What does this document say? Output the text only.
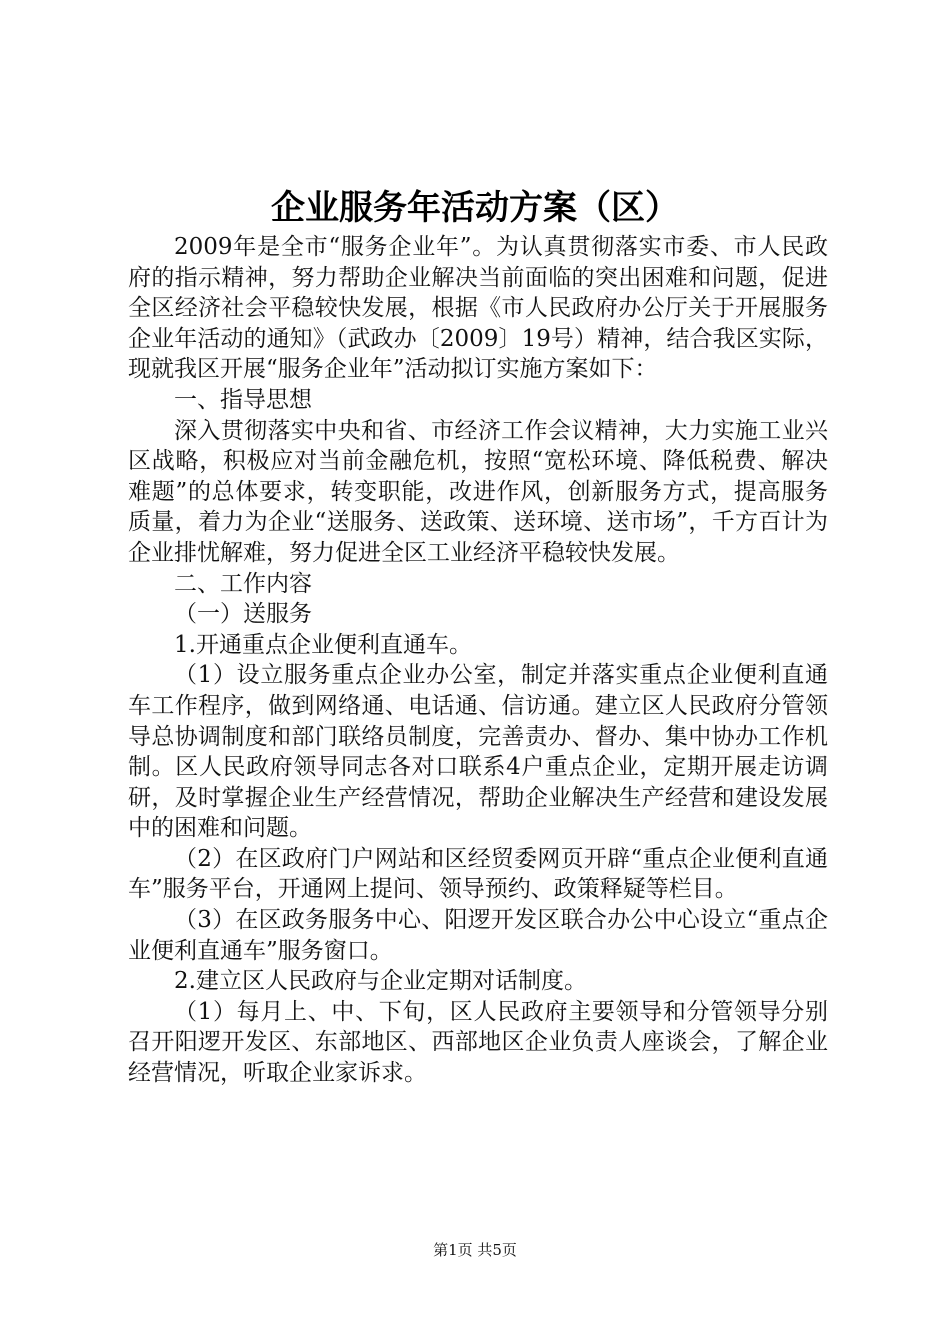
企业服务年活动方案（区）

2009年是全市“服务企业年”。为认真贯彻落实市委、市人民政府的指示精神，努力帮助企业解决当前面临的突出困难和问题，促进全区经济社会平稳较快发展，根据《市人民政府办公厅关于开展服务企业年活动的通知》（武政办〔2009〕19号）精神，结合我区实际，现就我区开展“服务企业年”活动拟订实施方案如下：

一、指导思想

深入贯彻落实中央和省、市经济工作会议精神，大力实施工业兴区战略，积极应对当前金融危机，按照“宽松环境、降低税费、解决难题”的总体要求，转变职能，改进作风，创新服务方式，提高服务质量，着力为企业“送服务、送政策、送环境、送市场”，千方百计为企业排忧解难，努力促进全区工业经济平稳较快发展。

二、工作内容

（一）送服务

1.开通重点企业便利直通车。

（1）设立服务重点企业办公室，制定并落实重点企业便利直通车工作程序，做到网络通、电话通、信访通。建立区人民政府分管领导总协调制度和部门联络员制度，完善责办、督办、集中协办工作机制。区人民政府领导同志各对口联系4户重点企业，定期开展走访调研，及时掌握企业生产经营情况，帮助企业解决生产经营和建设发展中的困难和问题。

（2）在区政府门户网站和区经贸委网页开辟“重点企业便利直通车”服务平台，开通网上提问、领导预约、政策释疑等栏目。

（3）在区政务服务中心、阳逻开发区联合办公中心设立“重点企业便利直通车”服务窗口。

2.建立区人民政府与企业定期对话制度。

（1）每月上、中、下旬，区人民政府主要领导和分管领导分别召开阳逻开发区、东部地区、西部地区企业负责人座谈会，了解企业经营情况，听取企业家诉求。

第1页 共5页
